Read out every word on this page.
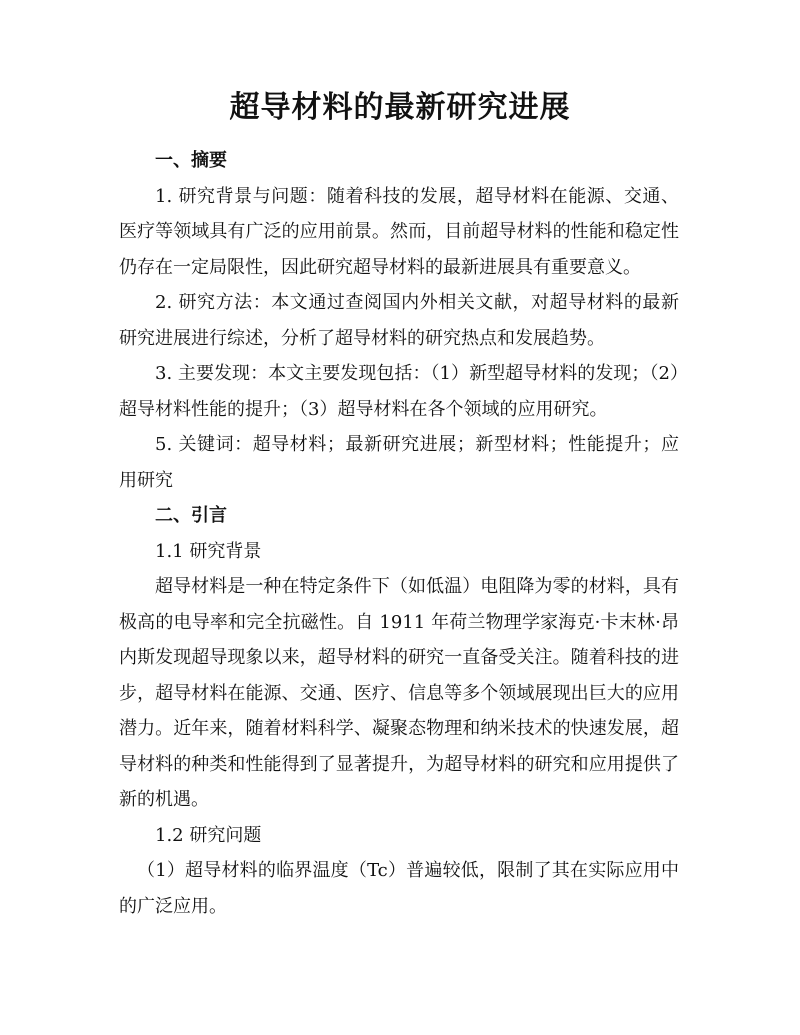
超导材料的最新研究进展

一、摘要

1. 研究背景与问题：随着科技的发展，超导材料在能源、交通、医疗等领域具有广泛的应用前景。然而，目前超导材料的性能和稳定性仍存在一定局限性，因此研究超导材料的最新进展具有重要意义。

2. 研究方法：本文通过查阅国内外相关文献，对超导材料的最新研究进展进行综述，分析了超导材料的研究热点和发展趋势。

3. 主要发现：本文主要发现包括：（1）新型超导材料的发现；（2）超导材料性能的提升；（3）超导材料在各个领域的应用研究。

5. 关键词：超导材料；最新研究进展；新型材料；性能提升；应用研究

二、引言

1.1 研究背景

超导材料是一种在特定条件下（如低温）电阻降为零的材料，具有极高的电导率和完全抗磁性。自 1911 年荷兰物理学家海克·卡末林·昂内斯发现超导现象以来，超导材料的研究一直备受关注。随着科技的进步，超导材料在能源、交通、医疗、信息等多个领域展现出巨大的应用潜力。近年来，随着材料科学、凝聚态物理和纳米技术的快速发展，超导材料的种类和性能得到了显著提升，为超导材料的研究和应用提供了新的机遇。

1.2 研究问题

（1）超导材料的临界温度（Tc）普遍较低，限制了其在实际应用中的广泛应用。
